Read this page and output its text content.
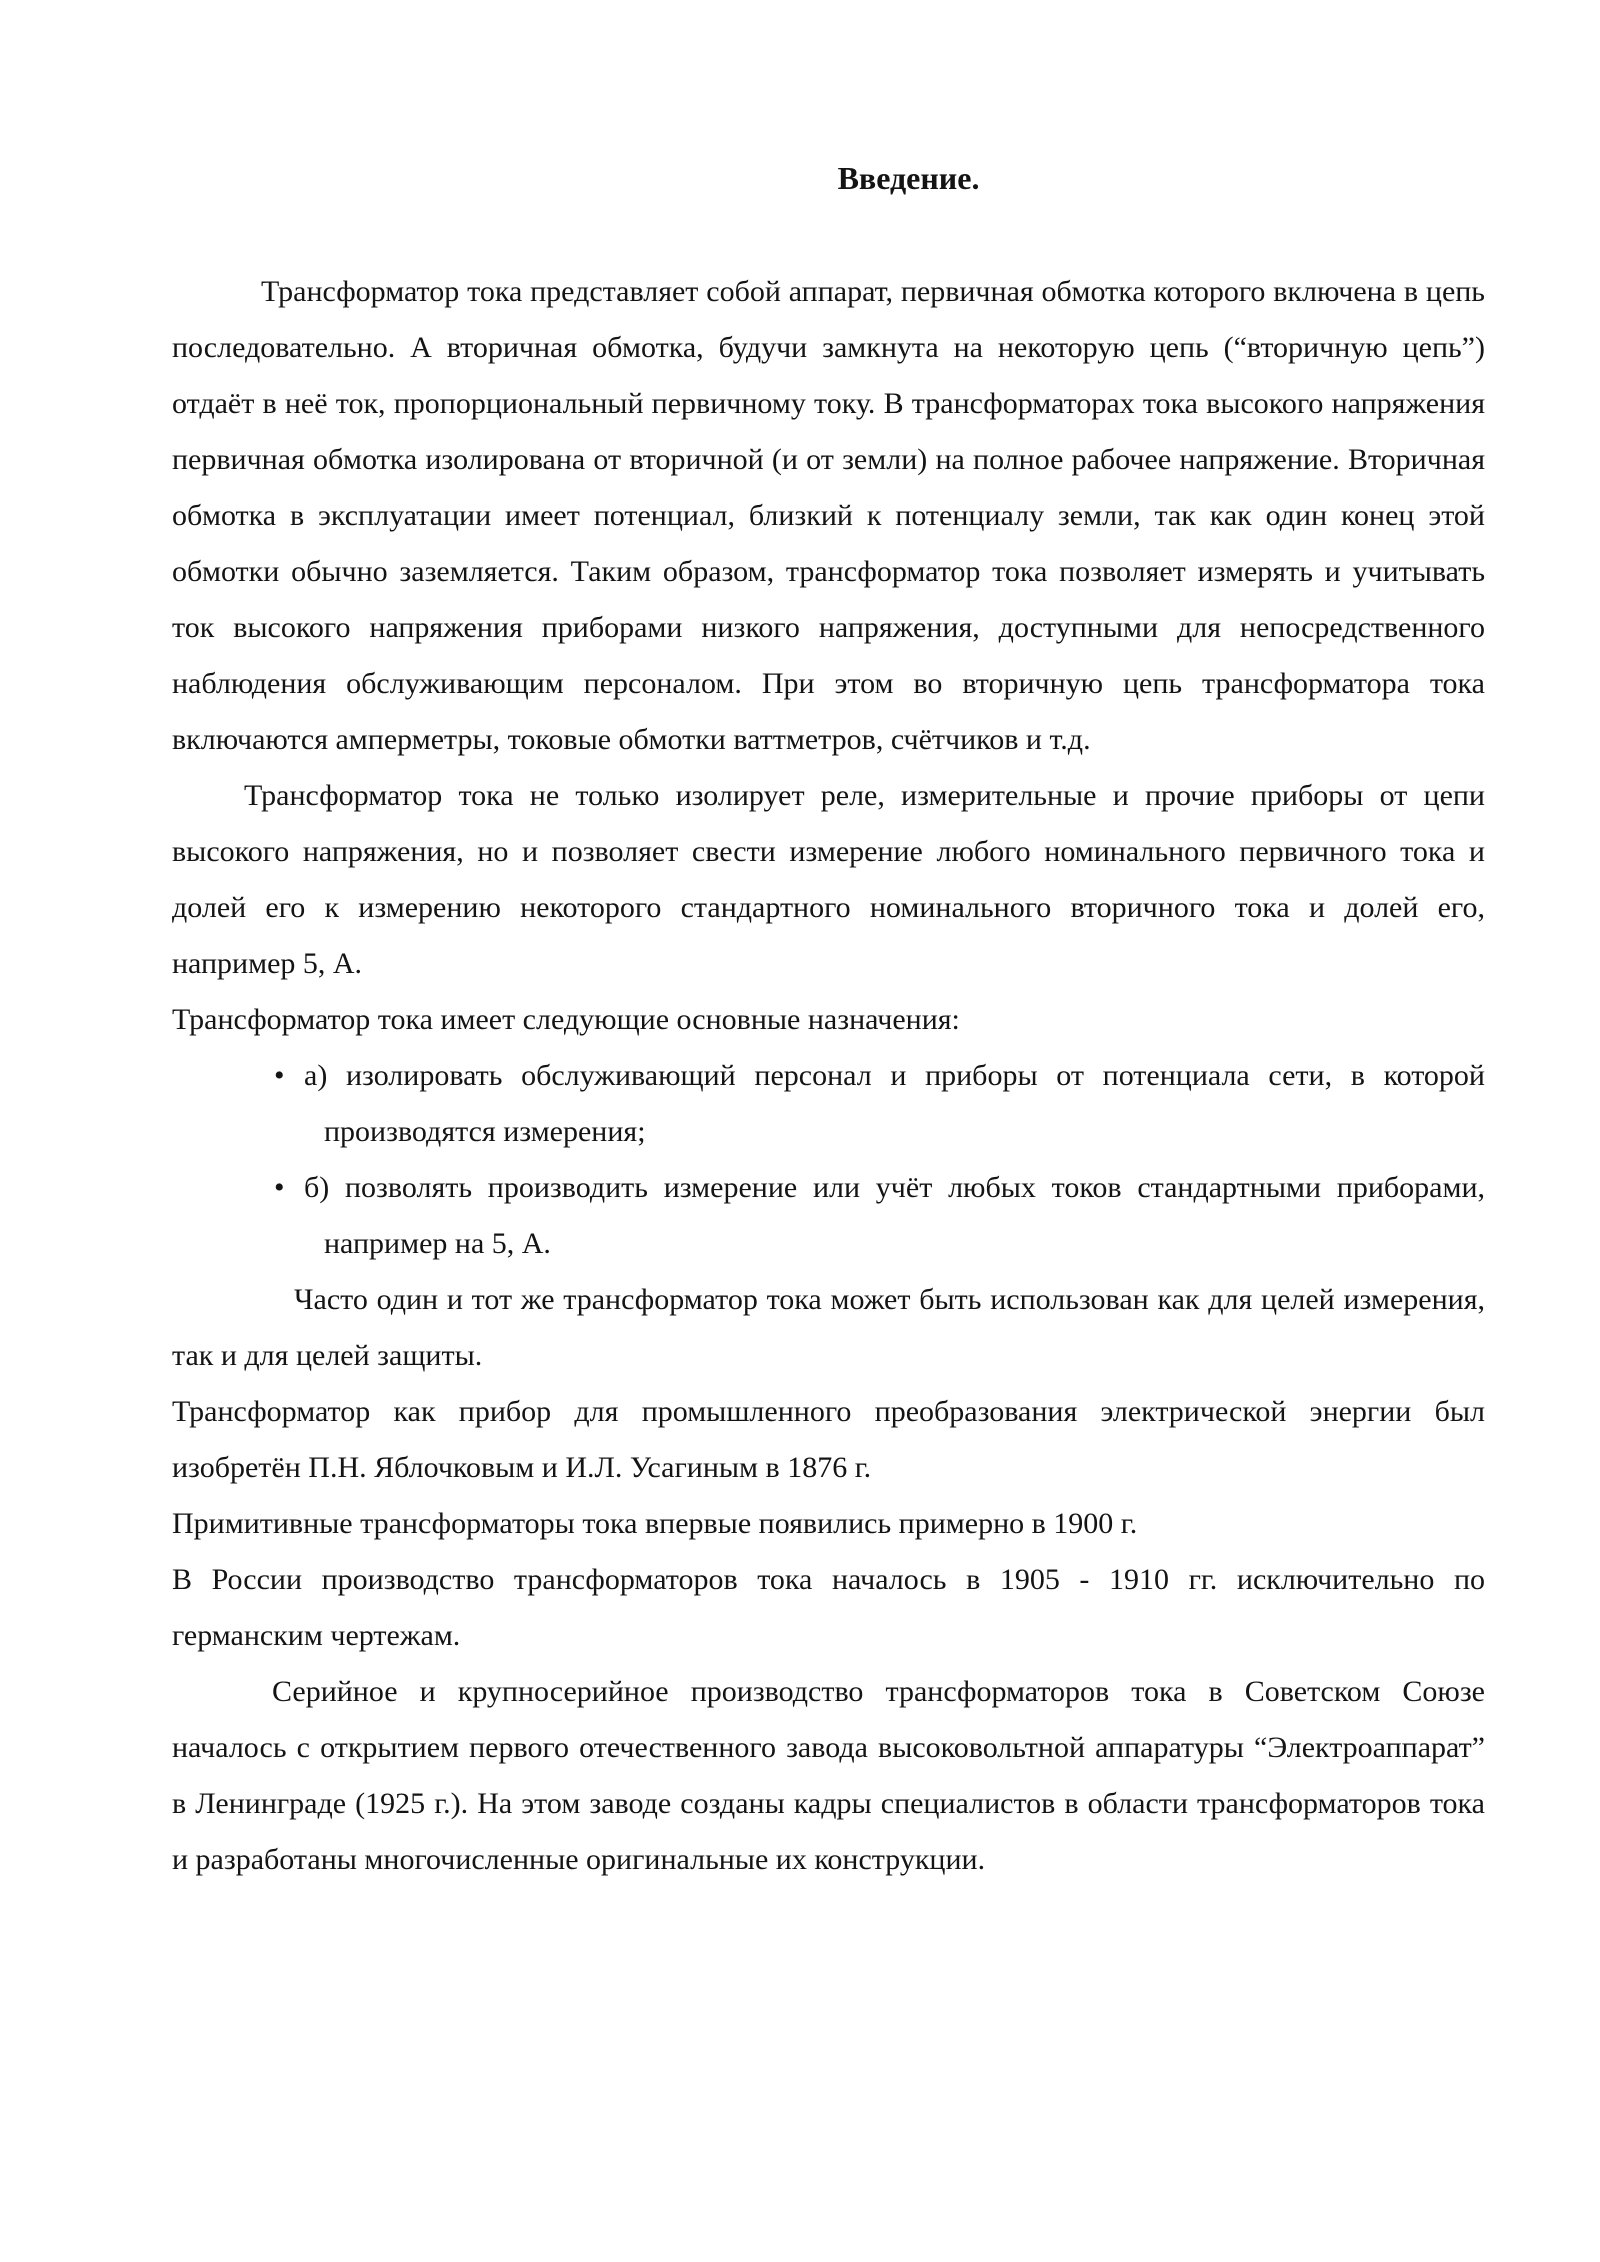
Введение.

Трансформатор тока представляет собой аппарат, первичная обмотка которого включена в цепь последовательно. А вторичная обмотка, будучи замкнута на некоторую цепь (“вторичную цепь”) отдаёт в неё ток, пропорциональный первичному току. В трансформаторах тока высокого напряжения первичная обмотка изолирована от вторичной (и от земли) на полное рабочее напряжение. Вторичная обмотка в эксплуатации имеет потенциал, близкий к потенциалу земли, так как один конец этой обмотки обычно заземляется. Таким образом, трансформатор тока позволяет измерять и учитывать ток высокого напряжения приборами низкого напряжения, доступными для непосредственного наблюдения обслуживающим персоналом. При этом во вторичную цепь трансформатора тока включаются амперметры, токовые обмотки ваттметров, счётчиков и т.д.

Трансформатор тока не только изолирует реле, измерительные и прочие приборы от цепи высокого напряжения, но и позволяет свести измерение любого номинального первичного тока и долей его к измерению некоторого стандартного номинального вторичного тока и долей его, например 5, А.

Трансформатор тока имеет следующие основные назначения:

• а) изолировать обслуживающий персонал и приборы от потенциала сети, в которой производятся измерения;
• б) позволять производить измерение или учёт любых токов стандартными приборами, например на 5, А.

Часто один и тот же трансформатор тока может быть использован как для целей измерения, так и для целей защиты.

Трансформатор как прибор для промышленного преобразования электрической энергии был изобретён П.Н. Яблочковым и И.Л. Усагиным в 1876 г.

Примитивные трансформаторы тока впервые появились примерно в 1900 г.

В России производство трансформаторов тока началось в 1905 - 1910 гг. исключительно по германским чертежам.

Серийное и крупносерийное производство трансформаторов тока в Советском Союзе началось с открытием первого отечественного завода высоковольтной аппаратуры “Электроаппарат” в Ленинграде (1925 г.). На этом заводе созданы кадры специалистов в области трансформаторов тока и разработаны многочисленные оригинальные их конструкции.
